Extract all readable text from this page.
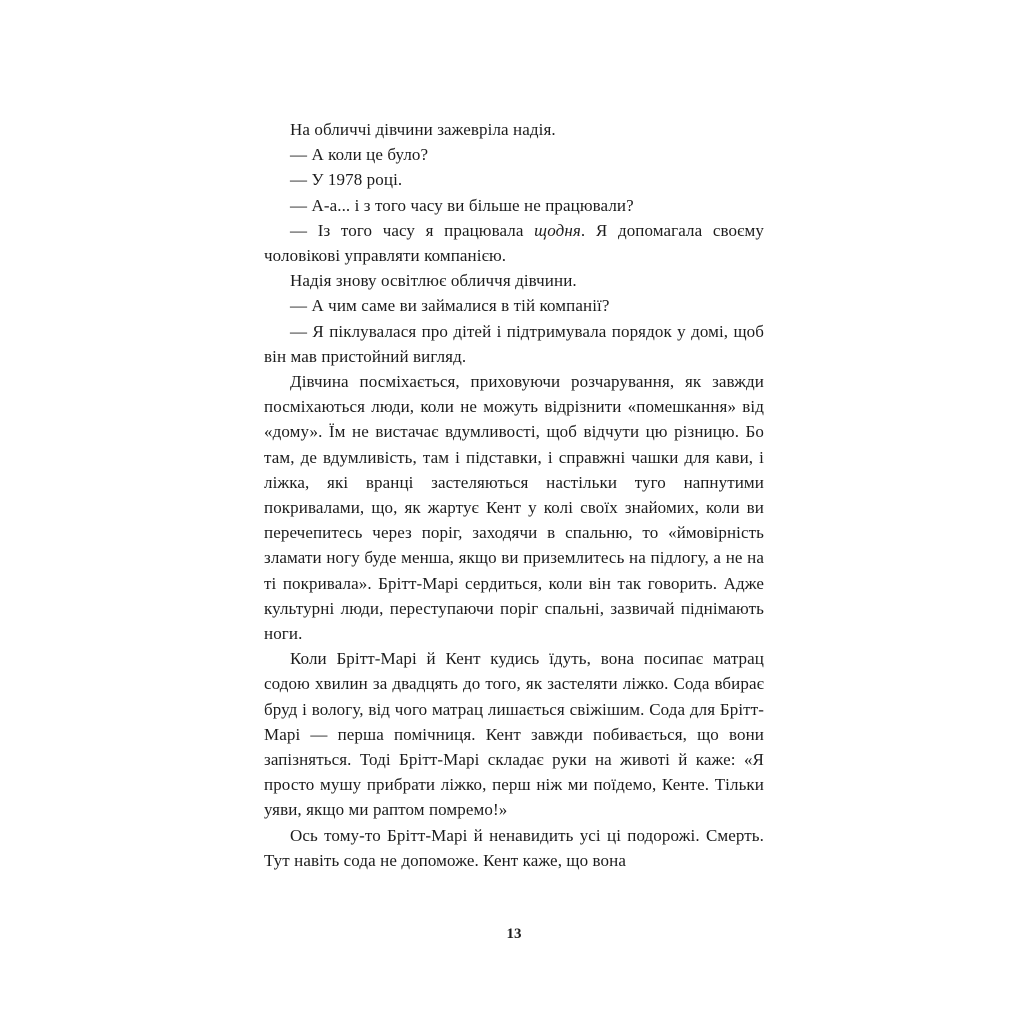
На обличчі дівчини зажевріла надія.

— А коли це було?

— У 1978 році.

— А-а... і з того часу ви більше не працювали?

— Із того часу я працювала щодня. Я допомагала своєму чоловікові управляти компанією.

Надія знову освітлює обличчя дівчини.

— А чим саме ви займалися в тій компанії?

— Я піклувалася про дітей і підтримувала порядок у домі, щоб він мав пристойний вигляд.

Дівчина посміхається, приховуючи розчарування, як завжди посміхаються люди, коли не можуть відрізнити «помешкання» від «дому». Їм не вистачає вдумливості, щоб відчути цю різницю. Бо там, де вдумливість, там і підставки, і справжні чашки для кави, і ліжка, які вранці застеляються настільки туго напнутими покривалами, що, як жартує Кент у колі своїх знайомих, коли ви перечепитесь через поріг, заходячи в спальню, то «ймовірність зламати ногу буде менша, якщо ви приземлитесь на підлогу, а не на ті покривала». Брітт-Марі сердиться, коли він так говорить. Адже культурні люди, переступаючи поріг спальні, зазвичай піднімають ноги.

Коли Брітт-Марі й Кент кудись їдуть, вона посипає матрац содою хвилин за двадцять до того, як застеляти ліжко. Сода вбирає бруд і вологу, від чого матрац лишається свіжішим. Сода для Брітт-Марі — перша помічниця. Кент завжди побивається, що вони запізняться. Тоді Брітт-Марі складає руки на животі й каже: «Я просто мушу прибрати ліжко, перш ніж ми поїдемо, Кенте. Тільки уяви, якщо ми раптом помремо!»

Ось тому-то Брітт-Марі й ненавидить усі ці подорожі. Смерть. Тут навіть сода не допоможе. Кент каже, що вона

13
